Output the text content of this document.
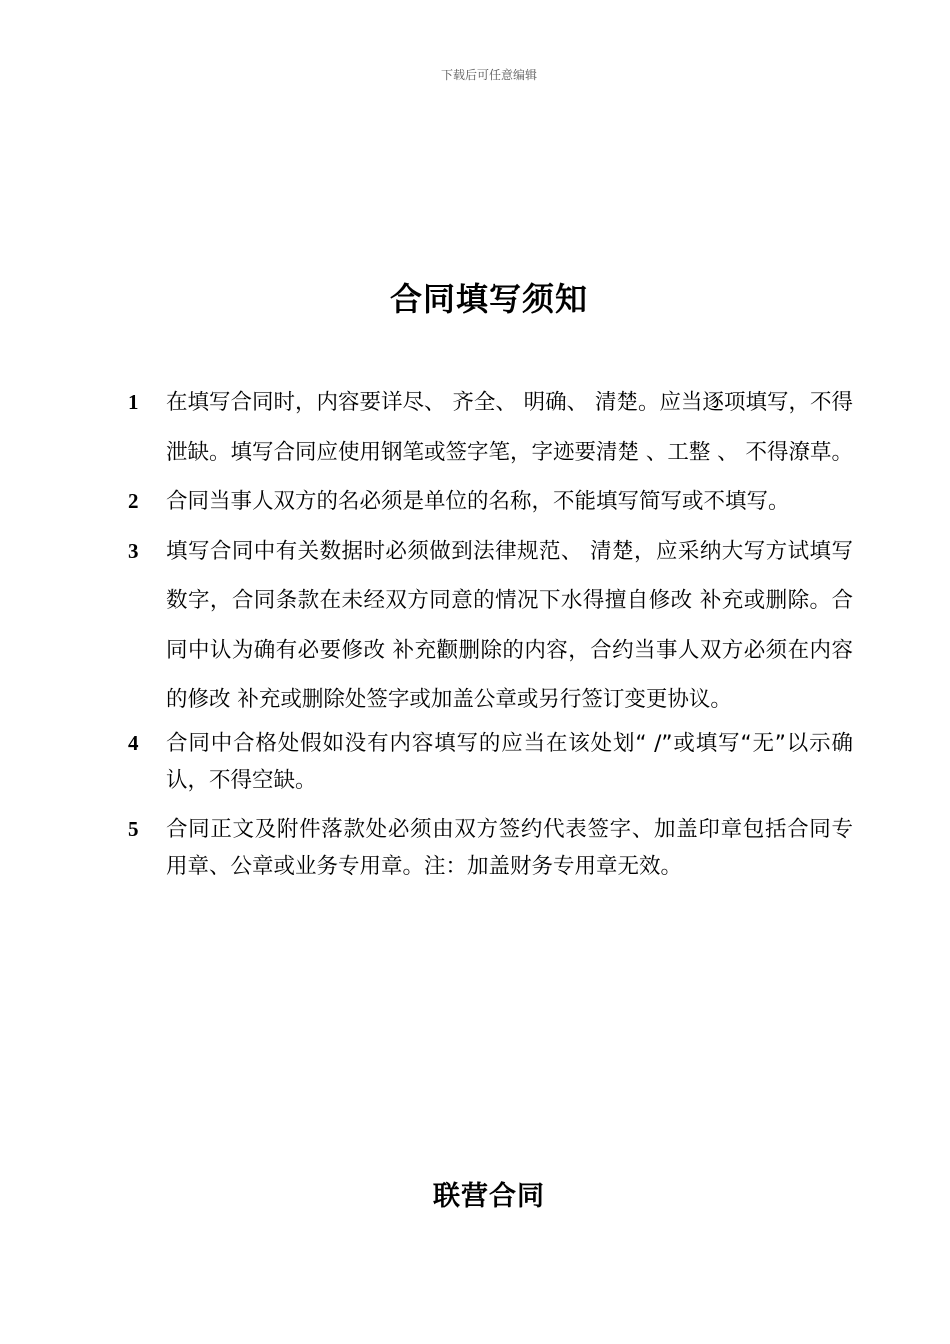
下载后可任意编辑
合同填写须知
1	在填写合同时，内容要详尽、 齐全、 明确、 清楚。应当逐项填写，不得泄缺。填写合同应使用钢笔或签字笔，字迹要清楚 、工整 、 不得潦草。
2	合同当事人双方的名必须是单位的名称，不能填写简写或不填写。
3	填写合同中有关数据时必须做到法律规范、 清楚，应采纳大写方试填写数字，合同条款在未经双方同意的情况下水得擅自修改 补充或删除。合同中认为确有必要修改 补充颧删除的内容，合约当事人双方必须在内容的修改 补充或删除处签字或加盖公章或另行签订变更协议。
4	合同中合格处假如没有内容填写的应当在该处划“ /”或填写“无”以示确认，不得空缺。
5	合同正文及附件落款处必须由双方签约代表签字、加盖印章包括合同专用章、公章或业务专用章。注：加盖财务专用章无效。
联营合同
